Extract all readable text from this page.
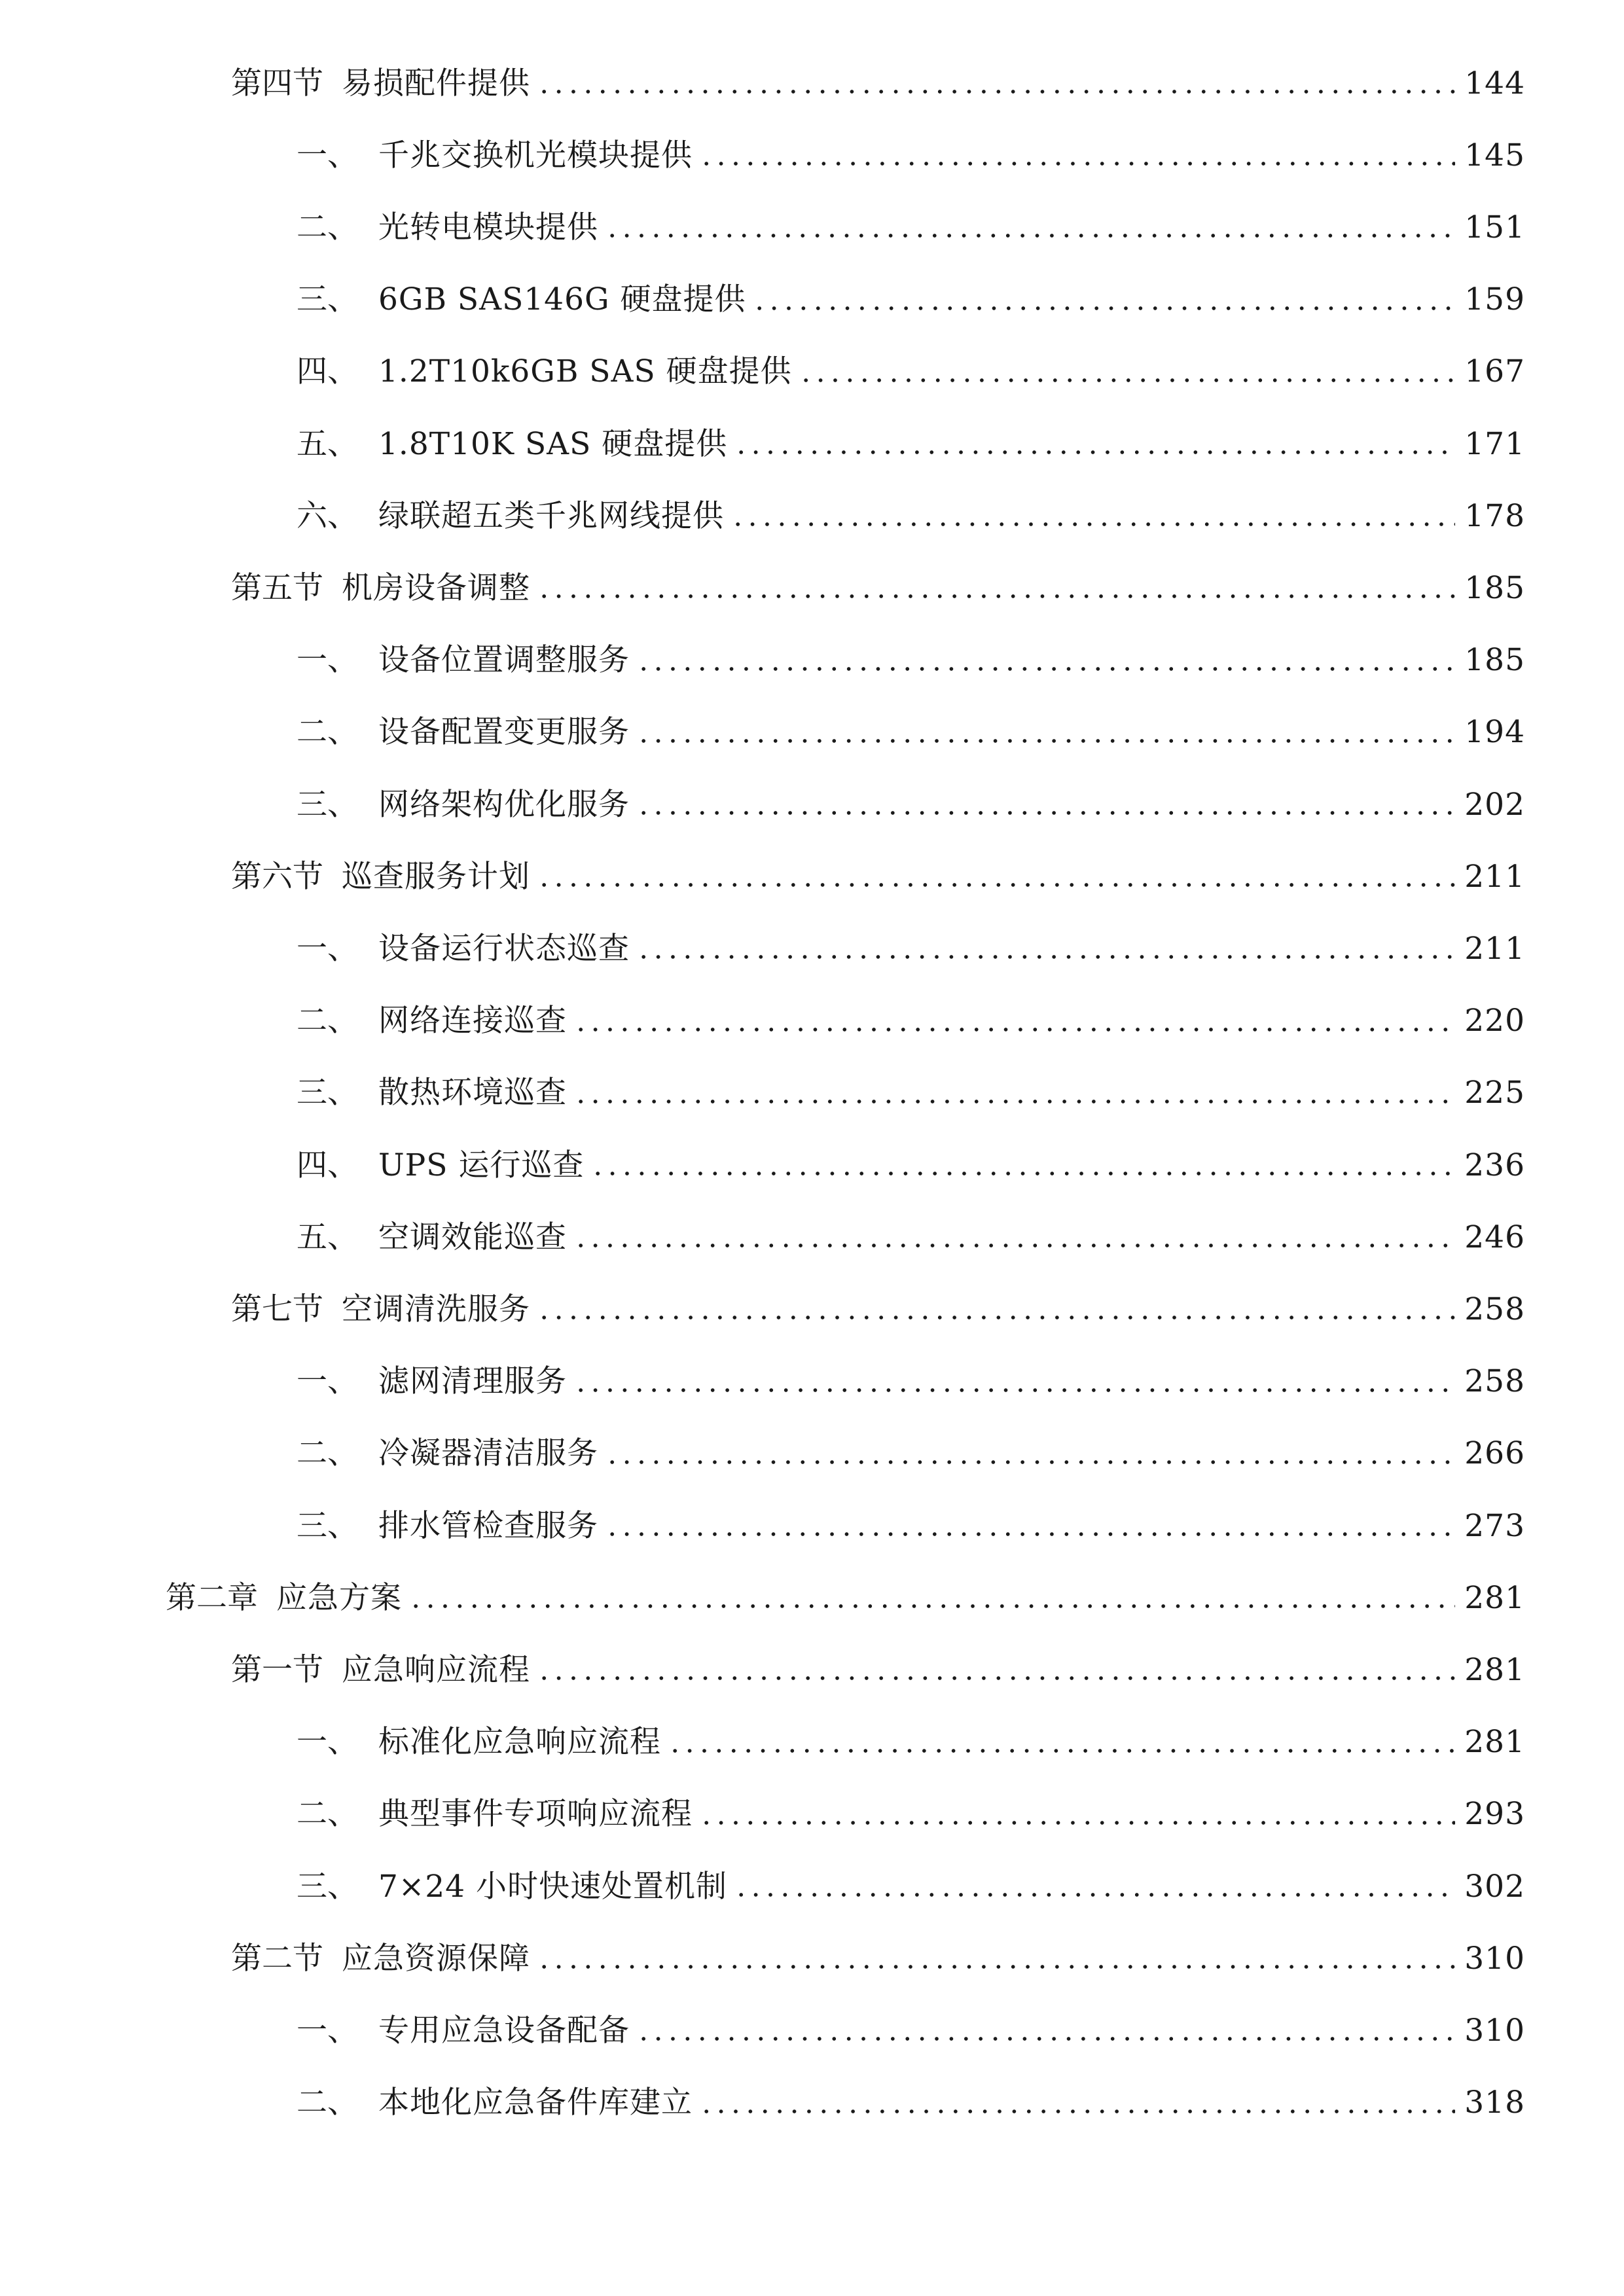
第四节 易损配件提供	144
一、 千兆交换机光模块提供	145
二、 光转电模块提供	151
三、 6GB SAS146G 硬盘提供	159
四、 1.2T10k6GB SAS 硬盘提供	167
五、 1.8T10K SAS 硬盘提供	171
六、 绿联超五类千兆网线提供	178
第五节 机房设备调整	185
一、 设备位置调整服务	185
二、 设备配置变更服务	194
三、 网络架构优化服务	202
第六节 巡查服务计划	211
一、 设备运行状态巡查	211
二、 网络连接巡查	220
三、 散热环境巡查	225
四、 UPS 运行巡查	236
五、 空调效能巡查	246
第七节 空调清洗服务	258
一、 滤网清理服务	258
二、 冷凝器清洁服务	266
三、 排水管检查服务	273
第二章 应急方案	281
第一节 应急响应流程	281
一、 标准化应急响应流程	281
二、 典型事件专项响应流程	293
三、 7×24 小时快速处置机制	302
第二节 应急资源保障	310
一、 专用应急设备配备	310
二、 本地化应急备件库建立	318
